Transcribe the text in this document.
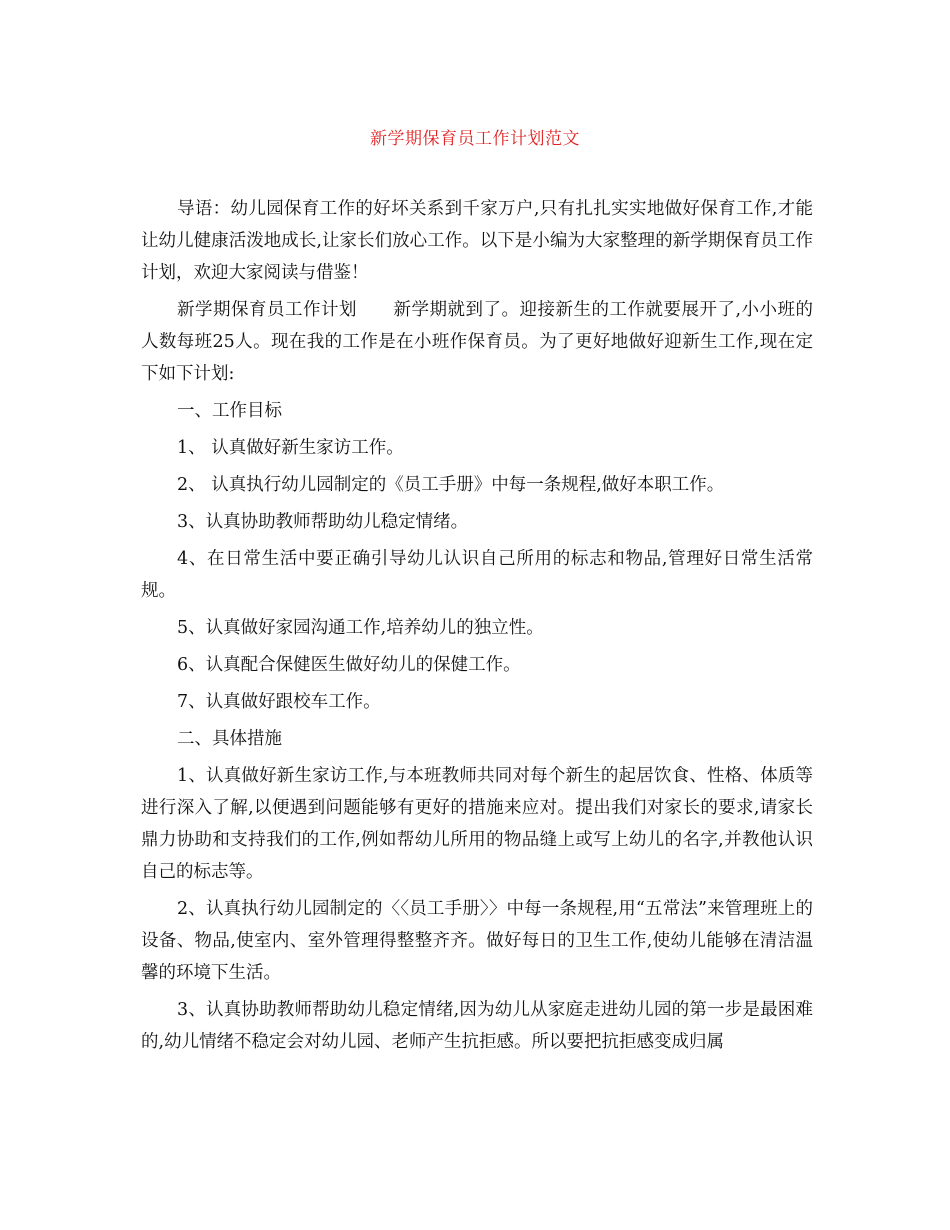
新学期保育员工作计划范文

导语：幼儿园保育工作的好坏关系到千家万户,只有扎扎实实地做好保育工作,才能让幼儿健康活泼地成长,让家长们放心工作。以下是小编为大家整理的新学期保育员工作计划，欢迎大家阅读与借鉴！

新学期保育员工作计划 新学期就到了。迎接新生的工作就要展开了,小小班的人数每班25人。现在我的工作是在小班作保育员。为了更好地做好迎新生工作,现在定下如下计划:

一、工作目标

1、 认真做好新生家访工作。

2、 认真执行幼儿园制定的《员工手册》中每一条规程,做好本职工作。

3、认真协助教师帮助幼儿稳定情绪。

4、在日常生活中要正确引导幼儿认识自己所用的标志和物品,管理好日常生活常规。

5、认真做好家园沟通工作,培养幼儿的独立性。

6、认真配合保健医生做好幼儿的保健工作。

7、认真做好跟校车工作。

二、具体措施

1、认真做好新生家访工作,与本班教师共同对每个新生的起居饮食、性格、体质等进行深入了解,以便遇到问题能够有更好的措施来应对。提出我们对家长的要求,请家长鼎力协助和支持我们的工作,例如帮幼儿所用的物品缝上或写上幼儿的名字,并教他认识自己的标志等。

2、认真执行幼儿园制定的〈〈员工手册〉〉中每一条规程,用“五常法”来管理班上的设备、物品,使室内、室外管理得整整齐齐。做好每日的卫生工作,使幼儿能够在清洁温馨的环境下生活。

3、认真协助教师帮助幼儿稳定情绪,因为幼儿从家庭走进幼儿园的第一步是最困难的,幼儿情绪不稳定会对幼儿园、老师产生抗拒感。所以要把抗拒感变成归属
